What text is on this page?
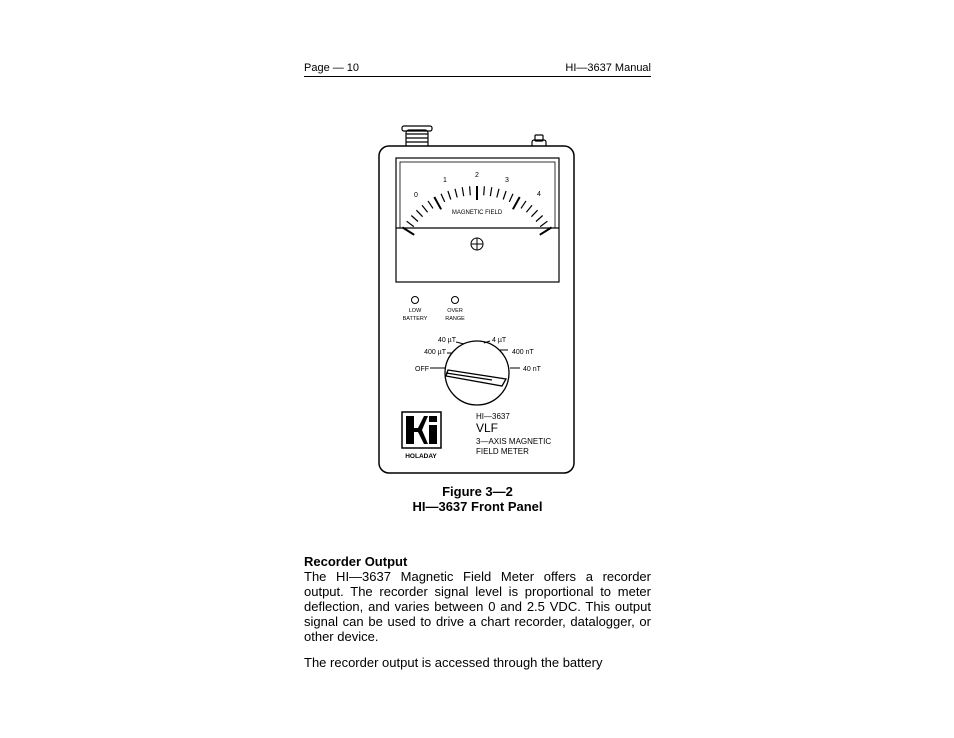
Page — 10	HI—3637 Manual
0
1
2
3
4
MAGNETIC FIELD
LOW
BATTERY
OVER
RANGE
40 µT
400 µT
OFF
4 µT
400 nT
40 nT
HOLADAY
HI—3637
VLF
3—AXIS MAGNETIC
FIELD METER
Figure 3—2
HI—3637 Front Panel
Recorder Output

The HI—3637 Magnetic Field Meter offers a recorder output. The recorder signal level is proportional to meter deflection, and varies between 0 and 2.5 VDC. This output signal can be used to drive a chart recorder, datalogger, or other device.

The recorder output is accessed through the battery
